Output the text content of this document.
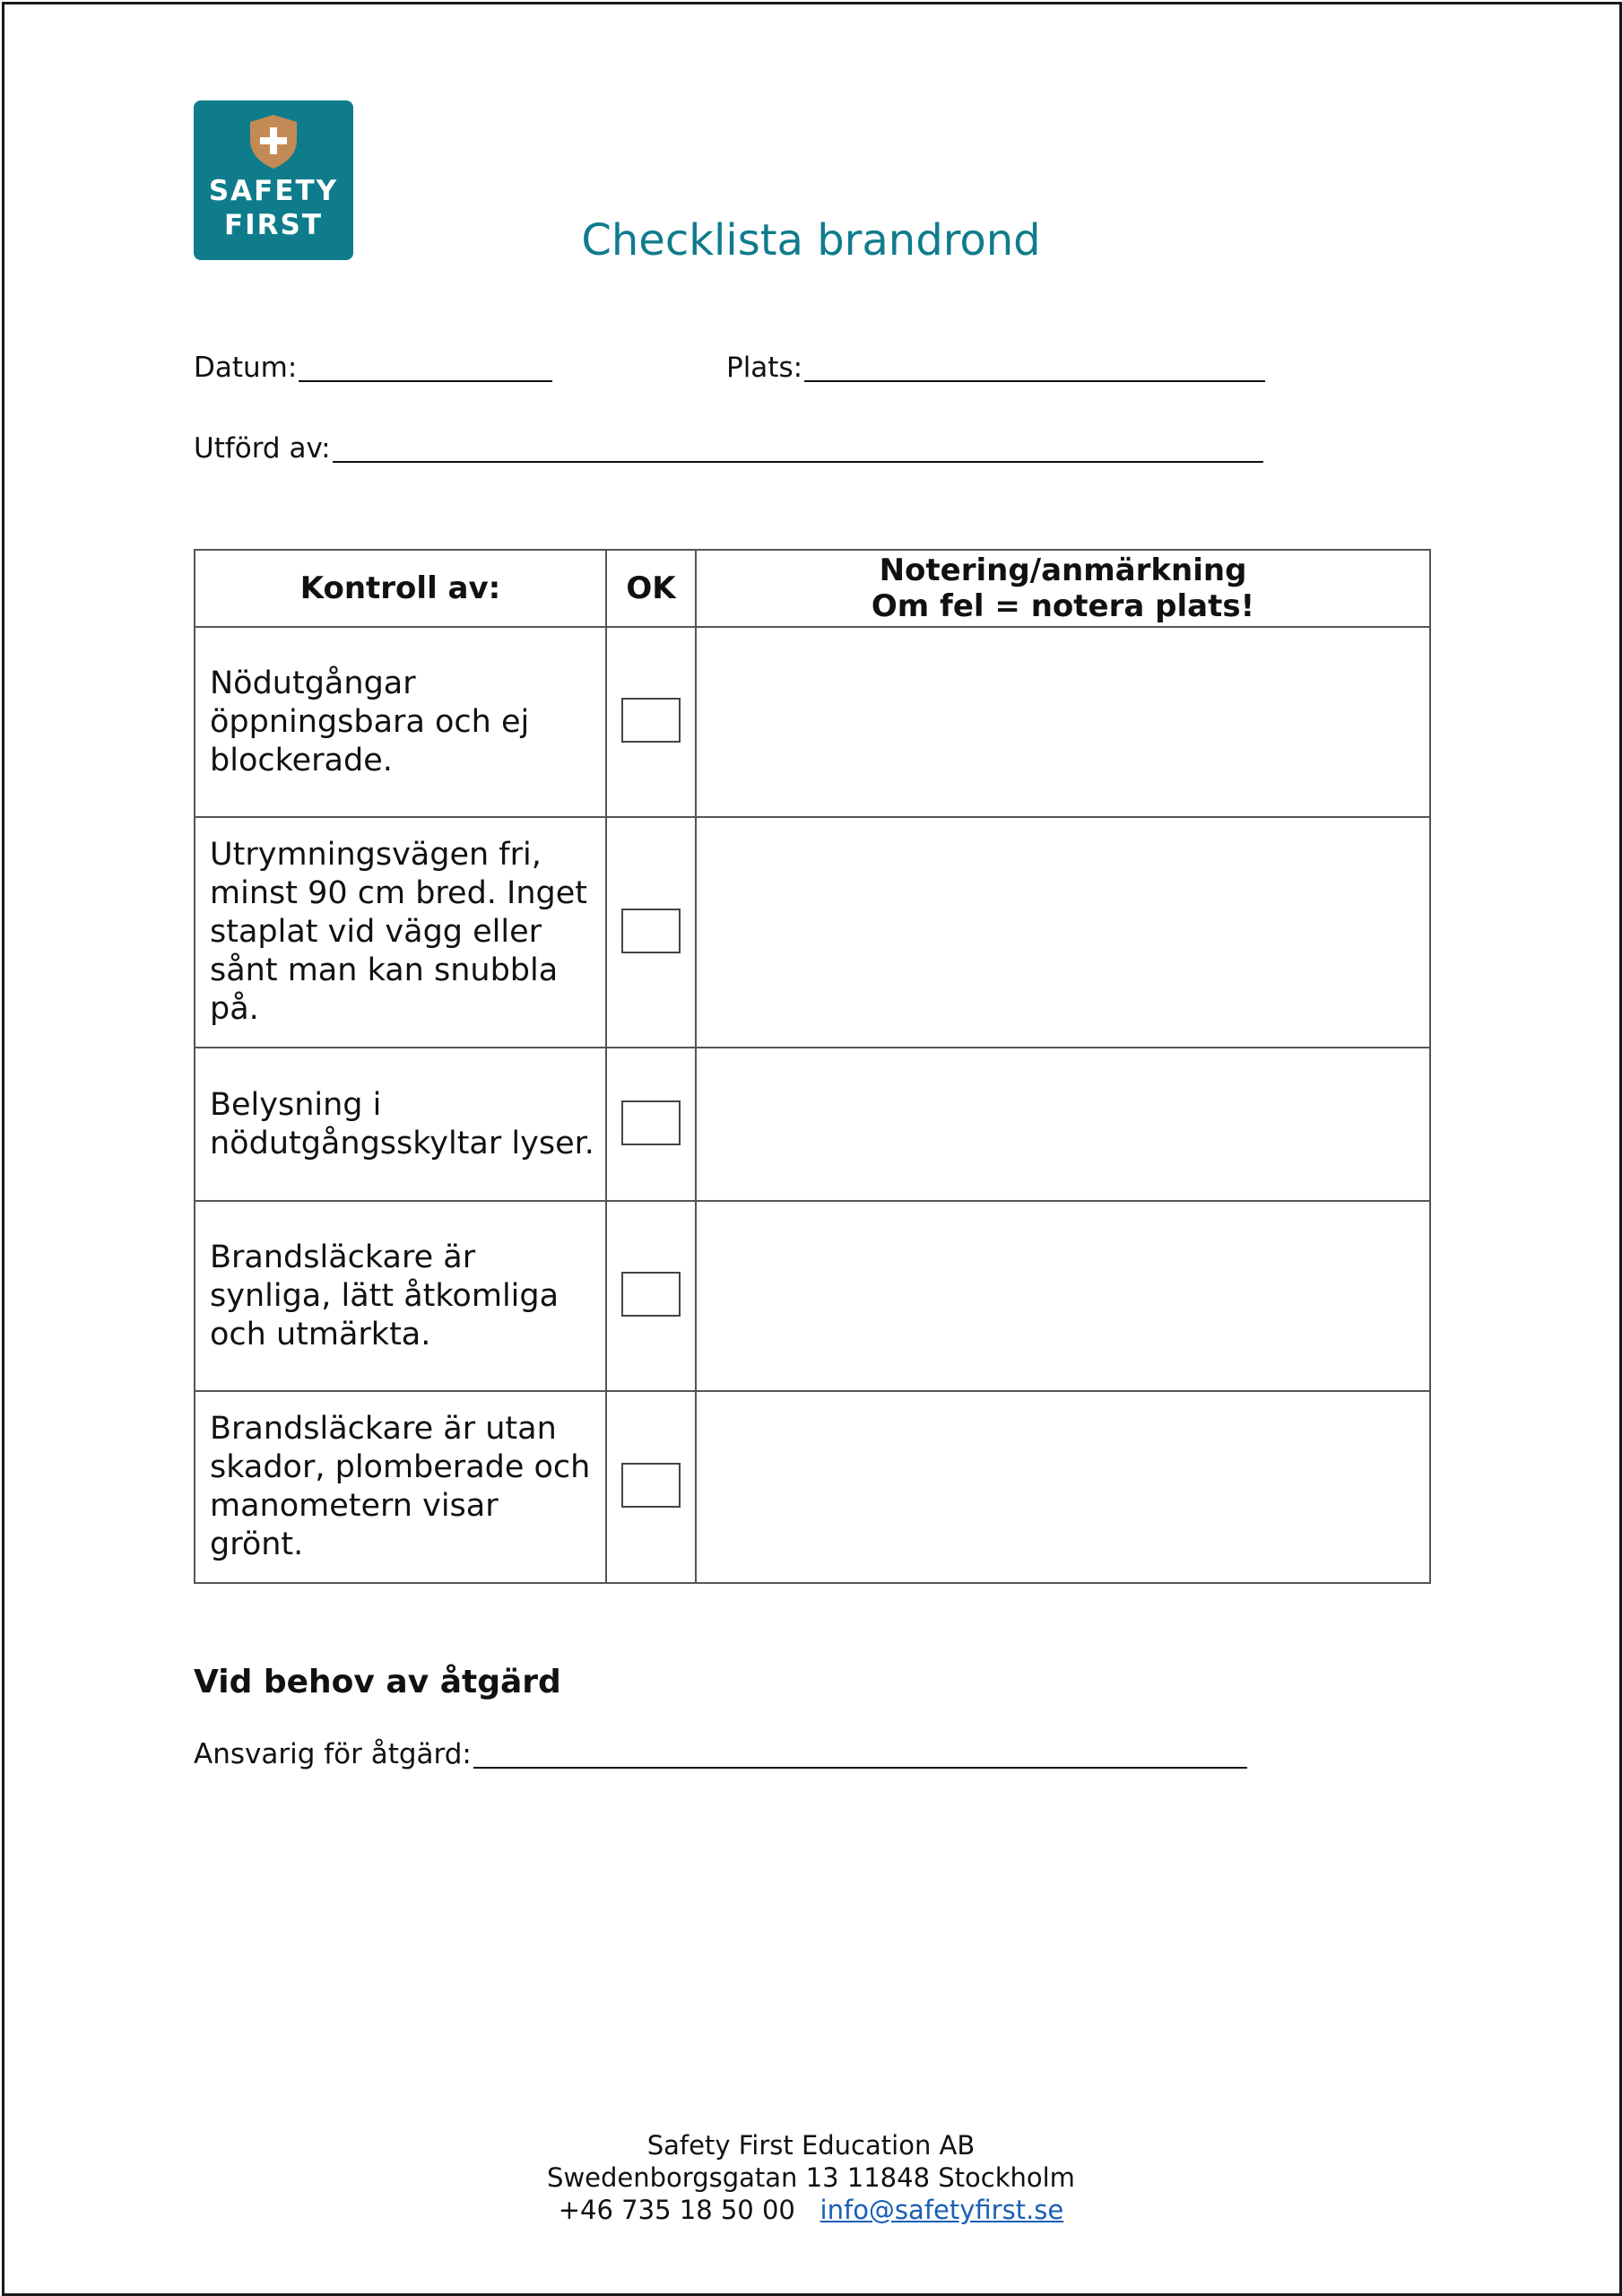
SAFETY
FIRST	Checklista brandrond
Datum:	Plats:
Utförd av:
Kontroll av:	OK	Notering/anmärkning
Om fel = notera plats!

Nödutgångar öppningsbara och ej blockerade.		
Utrymningsvägen fri, minst 90 cm bred. Inget staplat vid vägg eller sånt man kan snubbla på.		
Belysning i nödutgångsskyltar lyser.		
Brandsläckare är synliga, lätt åtkomliga och utmärkta.		
Brandsläckare är utan skador, plomberade och manometern visar grönt.		
Vid behov av åtgärd
Ansvarig för åtgärd:
Safety First Education AB
Swedenborgsgatan 13 11848 Stockholm
+46 735 18 50 00 info@safetyfirst.se
